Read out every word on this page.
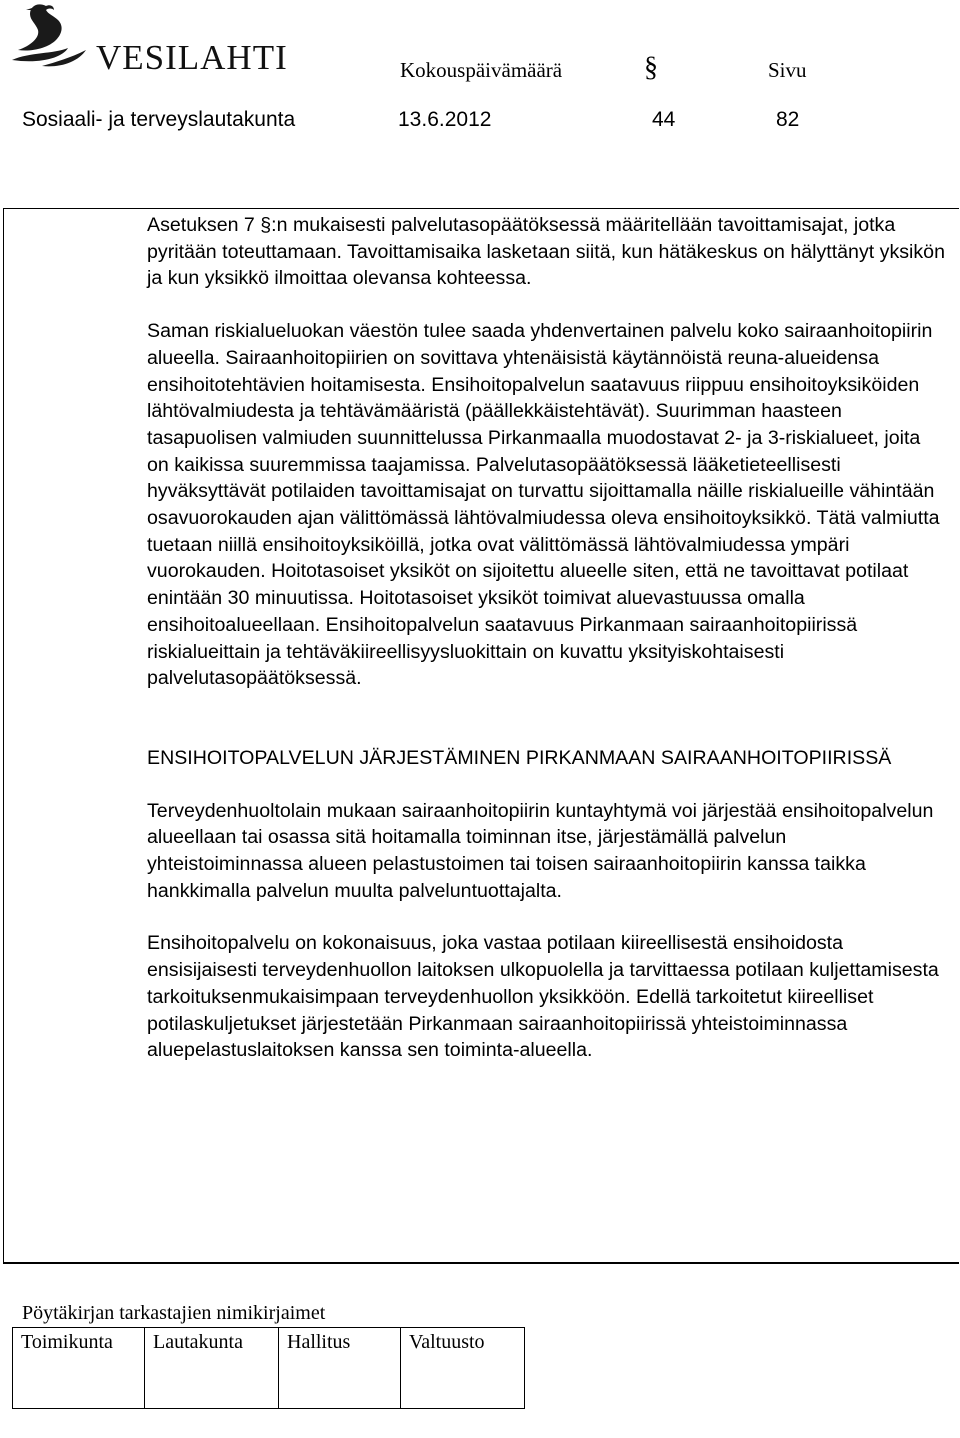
VESILAHTI	Kokouspäivämäärä	§	Sivu
Sosiaali- ja terveyslautakunta	13.6.2012	44	82

Asetuksen 7 §:n mukaisesti palvelutasopäätöksessä määritellään tavoittamisajat, jotka pyritään toteuttamaan. Tavoittamisaika lasketaan siitä, kun hätäkeskus on hälyttänyt yksikön ja kun yksikkö ilmoittaa olevansa kohteessa.

Saman riskialueluokan väestön tulee saada yhdenvertainen palvelu koko sairaanhoitopiirin alueella. Sairaanhoitopiirien on sovittava yhtenäisistä käytännöistä reuna-alueidensa ensihoitotehtävien hoitamisesta. Ensihoitopalvelun saatavuus riippuu ensihoitoyksiköiden lähtövalmiudesta ja tehtävämääristä (päällekkäistehtävät). Suurimman haasteen tasapuolisen valmiuden suunnittelussa Pirkanmaalla muodostavat 2- ja 3-riskialueet, joita on kaikissa suuremmissa taajamissa. Palvelutasopäätöksessä lääketieteellisesti hyväksyttävät potilaiden tavoittamisajat on turvattu sijoittamalla näille riskialueille vähintään osavuorokauden ajan välittömässä lähtövalmiudessa oleva ensihoitoyksikkö. Tätä valmiutta tuetaan niillä ensihoitoyksiköillä, jotka ovat välittömässä lähtövalmiudessa ympäri vuorokauden. Hoitotasoiset yksiköt on sijoitettu alueelle siten, että ne tavoittavat potilaat enintään 30 minuutissa. Hoitotasoiset yksiköt toimivat aluevastuussa omalla ensihoitoalueellaan. Ensihoitopalvelun saatavuus Pirkanmaan sairaanhoitopiirissä riskialueittain ja tehtäväkiireellisyysluokittain on kuvattu yksityiskohtaisesti palvelutasopäätöksessä.

ENSIHOITOPALVELUN JÄRJESTÄMINEN PIRKANMAAN SAIRAANHOITOPIIRISSÄ

Terveydenhuoltolain mukaan sairaanhoitopiirin kuntayhtymä voi järjestää ensihoitopalvelun alueellaan tai osassa sitä hoitamalla toiminnan itse, järjestämällä palvelun yhteistoiminnassa alueen pelastustoimen tai toisen sairaanhoitopiirin kanssa taikka hankkimalla palvelun muulta palveluntuottajalta.

Ensihoitopalvelu on kokonaisuus, joka vastaa potilaan kiireellisestä ensihoidosta ensisijaisesti terveydenhuollon laitoksen ulkopuolella ja tarvittaessa potilaan kuljettamisesta tarkoituksenmukaisimpaan terveydenhuollon yksikköön. Edellä tarkoitetut kiireelliset potilaskuljetukset järjestetään Pirkanmaan sairaanhoitopiirissä yhteistoiminnassa aluepelastuslaitoksen kanssa sen toiminta-alueella.

Pöytäkirjan tarkastajien nimikirjaimet
Toimikunta	Lautakunta	Hallitus	Valtuusto
